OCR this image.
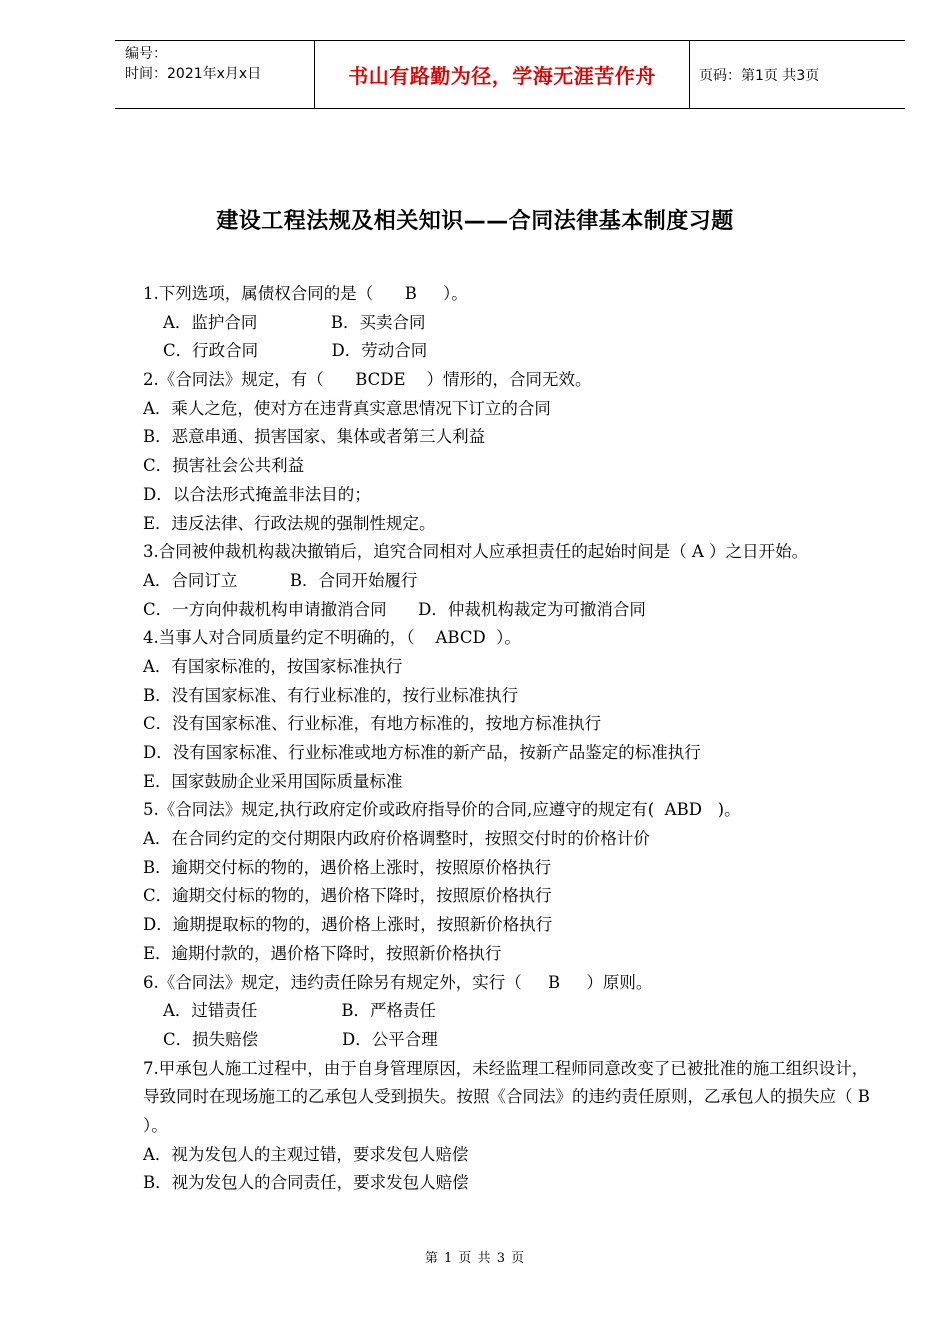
编号：
时间：2021年x月x日	书山有路勤为径，学海无涯苦作舟	页码：第1页 共3页
建设工程法规及相关知识——合同法律基本制度习题
1.下列选项，属债权合同的是（      B     ）。
A．监护合同              B．买卖合同
C．行政合同              D．劳动合同
2.《合同法》规定，有（      BCDE    ）情形的，合同无效。
A．乘人之危，使对方在违背真实意思情况下订立的合同
B．恶意串通、损害国家、集体或者第三人利益
C．损害社会公共利益
D．以合法形式掩盖非法目的；
E．违反法律、行政法规的强制性规定。
3.合同被仲裁机构裁决撤销后，追究合同相对人应承担责任的起始时间是（ A ）之日开始。
A．合同订立          B．合同开始履行
C．一方向仲裁机构申请撤消合同      D．仲裁机构裁定为可撤消合同
4.当事人对合同质量约定不明确的，（    ABCD  ）。
A．有国家标准的，按国家标准执行
B．没有国家标准、有行业标准的，按行业标准执行
C．没有国家标准、行业标准，有地方标准的，按地方标准执行
D．没有国家标准、行业标准或地方标准的新产品，按新产品鉴定的标准执行
E．国家鼓励企业采用国际质量标准
5.《合同法》规定,执行政府定价或政府指导价的合同,应遵守的规定有(  ABD   )。
A．在合同约定的交付期限内政府价格调整时，按照交付时的价格计价
B．逾期交付标的物的，遇价格上涨时，按照原价格执行
C．逾期交付标的物的，遇价格下降时，按照原价格执行
D．逾期提取标的物的，遇价格上涨时，按照新价格执行
E．逾期付款的，遇价格下降时，按照新价格执行
6.《合同法》规定，违约责任除另有规定外，实行（     B     ）原则。
A．过错责任                B．严格责任
C．损失赔偿                D．公平合理
7.甲承包人施工过程中，由于自身管理原因，未经监理工程师同意改变了已被批准的施工组织设计，导致同时在现场施工的乙承包人受到损失。按照《合同法》的违约责任原则，乙承包人的损失应（ B ）。
A．视为发包人的主观过错，要求发包人赔偿
B．视为发包人的合同责任，要求发包人赔偿
第 1 页 共 3 页
